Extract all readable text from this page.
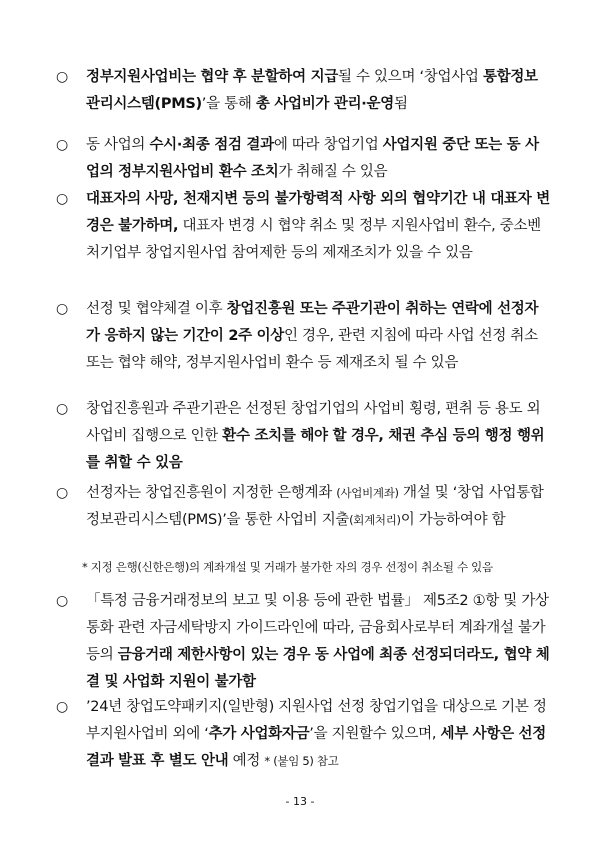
○ 정부지원사업비는 협약 후 분할하여 지급될 수 있으며 ‘창업사업 통합정보관리시스템(PMS)’을 통해 총 사업비가 관리·운영됨
○ 동 사업의 수시·최종 점검 결과에 따라 창업기업 사업지원 중단 또는 동 사업의 정부지원사업비 환수 조치가 취해질 수 있음
○ 대표자의 사망, 천재지변 등의 불가항력적 사항 외의 협약기간 내 대표자 변경은 불가하며, 대표자 변경 시 협약 취소 및 정부 지원사업비 환수, 중소벤처기업부 창업지원사업 참여제한 등의 제재조치가 있을 수 있음
○ 선정 및 협약체결 이후 창업진흥원 또는 주관기관이 취하는 연락에 선정자가 응하지 않는 기간이 2주 이상인 경우, 관련 지침에 따라 사업 선정 취소 또는 협약 해약, 정부지원사업비 환수 등 제재조치 될 수 있음
○ 창업진흥원과 주관기관은 선정된 창업기업의 사업비 횡령, 편취 등 용도 외 사업비 집행으로 인한 환수 조치를 해야 할 경우, 채권 추심 등의 행정 행위를 취할 수 있음
○ 선정자는 창업진흥원이 지정한 은행계좌 (사업비계좌) 개설 및 ‘창업 사업통합정보관리시스템(PMS)’을 통한 사업비 지출(회계처리)이 가능하여야 함
* 지정 은행(신한은행)의 계좌개설 및 거래가 불가한 자의 경우 선정이 취소될 수 있음
○ 「특정 금융거래정보의 보고 및 이용 등에 관한 법률」 제5조2 ①항 및 가상통화 관련 자금세탁방지 가이드라인에 따라, 금융회사로부터 계좌개설 불가 등의 금융거래 제한사항이 있는 경우 동 사업에 최종 선정되더라도, 협약 체결 및 사업화 지원이 불가함
○ ’24년 창업도약패키지(일반형) 지원사업 선정 창업기업을 대상으로 기본 정부지원사업비 외에 ‘추가 사업화자금’을 지원할수 있으며, 세부 사항은 선정결과 발표 후 별도 안내 예정 * (붙임 5) 참고
- 13 -
